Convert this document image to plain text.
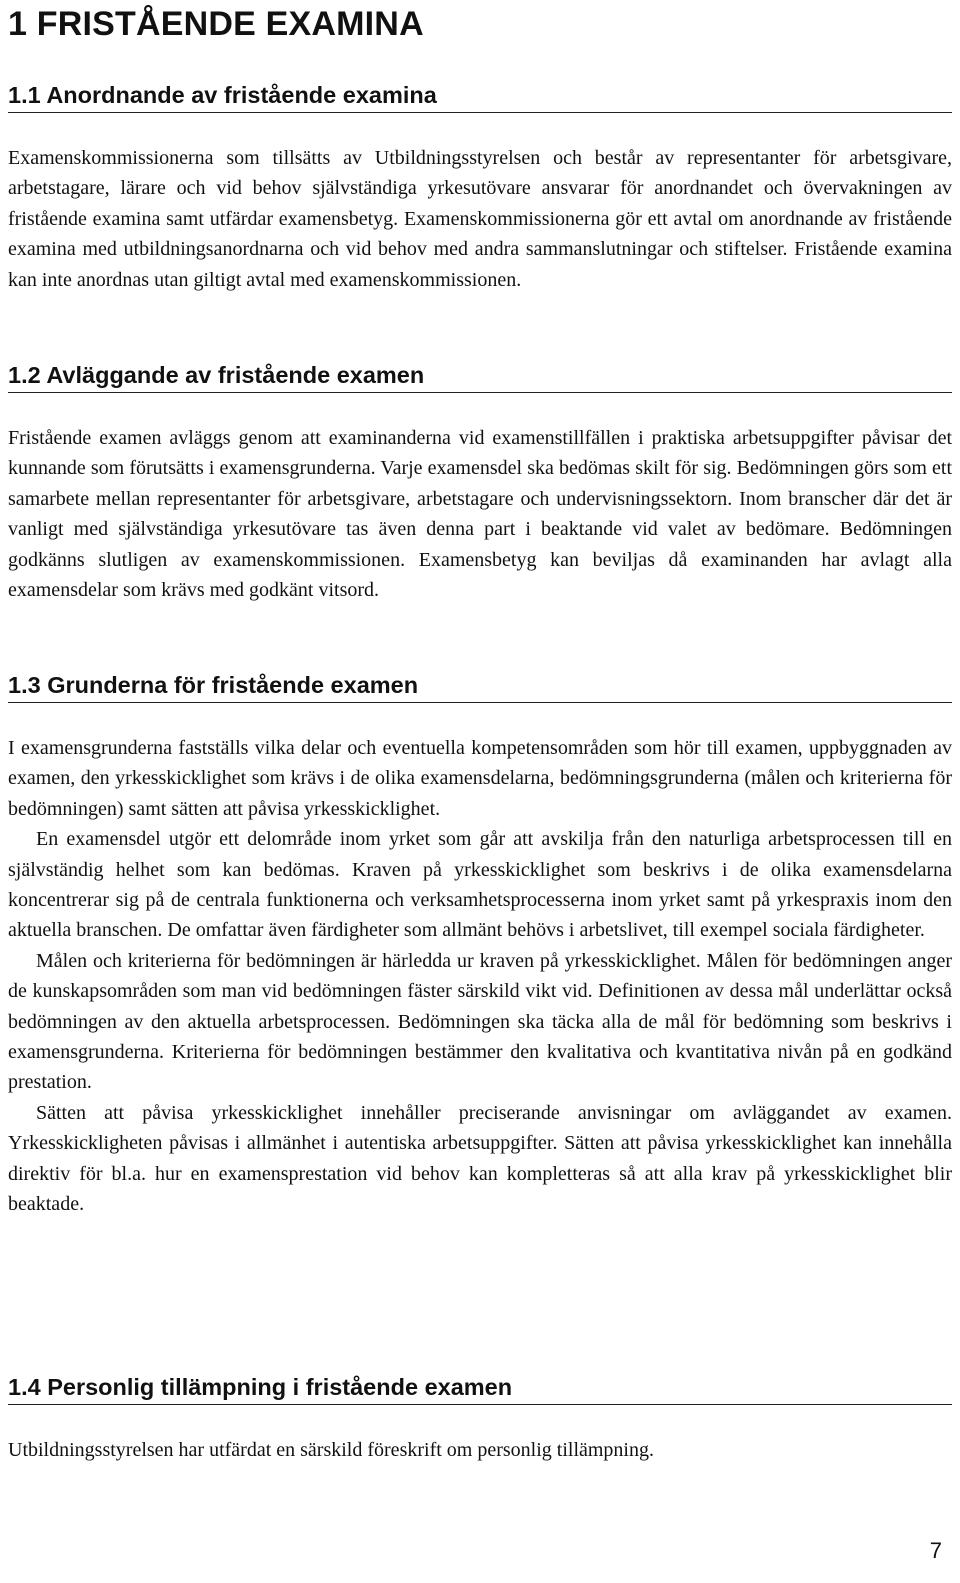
1 FRISTÅENDE EXAMINA
1.1 Anordnande av fristående examina

Examenskommissionerna som tillsätts av Utbildningsstyrelsen och består av representanter för arbetsgivare, arbetstagare, lärare och vid behov självständiga yrkesutövare ansvarar för anordnandet och övervakningen av fristående examina samt utfärdar examensbetyg. Examenskommissionerna gör ett avtal om anordnande av fristående examina med utbildningsanordnarna och vid behov med andra sammanslutningar och stiftelser. Fristående examina kan inte anordnas utan giltigt avtal med examenskommissionen.

1.2 Avläggande av fristående examen

Fristående examen avläggs genom att examinanderna vid examenstillfällen i praktiska arbetsuppgifter påvisar det kunnande som förutsätts i examensgrunderna. Varje examensdel ska bedömas skilt för sig. Bedömningen görs som ett samarbete mellan representanter för arbetsgivare, arbetstagare och undervisningssektorn. Inom branscher där det är vanligt med självständiga yrkesutövare tas även denna part i beaktande vid valet av bedömare. Bedömningen godkänns slutligen av examenskommissionen. Examensbetyg kan beviljas då examinanden har avlagt alla examensdelar som krävs med godkänt vitsord.

1.3 Grunderna för fristående examen

I examensgrunderna fastställs vilka delar och eventuella kompetensområden som hör till examen, uppbyggnaden av examen, den yrkesskicklighet som krävs i de olika examensdelarna, bedömningsgrunderna (målen och kriterierna för bedömningen) samt sätten att påvisa yrkesskicklighet.

En examensdel utgör ett delområde inom yrket som går att avskilja från den naturliga arbetsprocessen till en självständig helhet som kan bedömas. Kraven på yrkesskicklighet som beskrivs i de olika examensdelarna koncentrerar sig på de centrala funktionerna och verksamhetsprocesserna inom yrket samt på yrkespraxis inom den aktuella branschen. De omfattar även färdigheter som allmänt behövs i arbetslivet, till exempel sociala färdigheter.

Målen och kriterierna för bedömningen är härledda ur kraven på yrkesskicklighet. Målen för bedömningen anger de kunskapsområden som man vid bedömningen fäster särskild vikt vid. Definitionen av dessa mål underlättar också bedömningen av den aktuella arbetsprocessen. Bedömningen ska täcka alla de mål för bedömning som beskrivs i examensgrunderna. Kriterierna för bedömningen bestämmer den kvalitativa och kvantitativa nivån på en godkänd prestation.

Sätten att påvisa yrkesskicklighet innehåller preciserande anvisningar om avläggandet av examen. Yrkesskickligheten påvisas i allmänhet i autentiska arbetsuppgifter. Sätten att påvisa yrkesskicklighet kan innehålla direktiv för bl.a. hur en examensprestation vid behov kan kompletteras så att alla krav på yrkesskicklighet blir beaktade.

1.4 Personlig tillämpning i fristående examen

Utbildningsstyrelsen har utfärdat en särskild föreskrift om personlig tillämpning.

7
